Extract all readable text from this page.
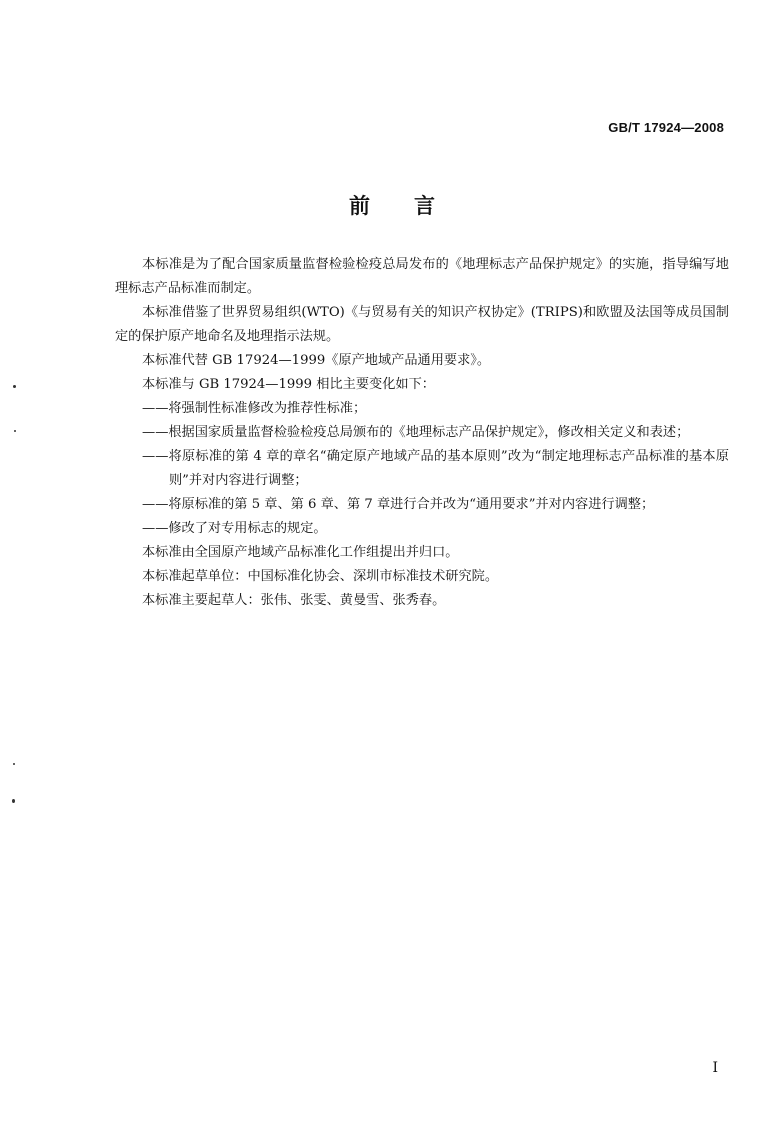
GB/T 17924—2008
前言

本标准是为了配合国家质量监督检验检疫总局发布的《地理标志产品保护规定》的实施，指导编写地理标志产品标准而制定。

本标准借鉴了世界贸易组织(WTO)《与贸易有关的知识产权协定》(TRIPS)和欧盟及法国等成员国制定的保护原产地命名及地理指示法规。

本标准代替 GB 17924—1999《原产地域产品通用要求》。

本标准与 GB 17924—1999 相比主要变化如下：

——将强制性标准修改为推荐性标准；

——根据国家质量监督检验检疫总局颁布的《地理标志产品保护规定》，修改相关定义和表述；

——将原标准的第 4 章的章名“确定原产地域产品的基本原则”改为“制定地理标志产品标准的基本原则”并对内容进行调整；

——将原标准的第 5 章、第 6 章、第 7 章进行合并改为“通用要求”并对内容进行调整；

——修改了对专用标志的规定。

本标准由全国原产地域产品标准化工作组提出并归口。

本标准起草单位：中国标准化协会、深圳市标准技术研究院。

本标准主要起草人：张伟、张雯、黄曼雪、张秀春。

I
